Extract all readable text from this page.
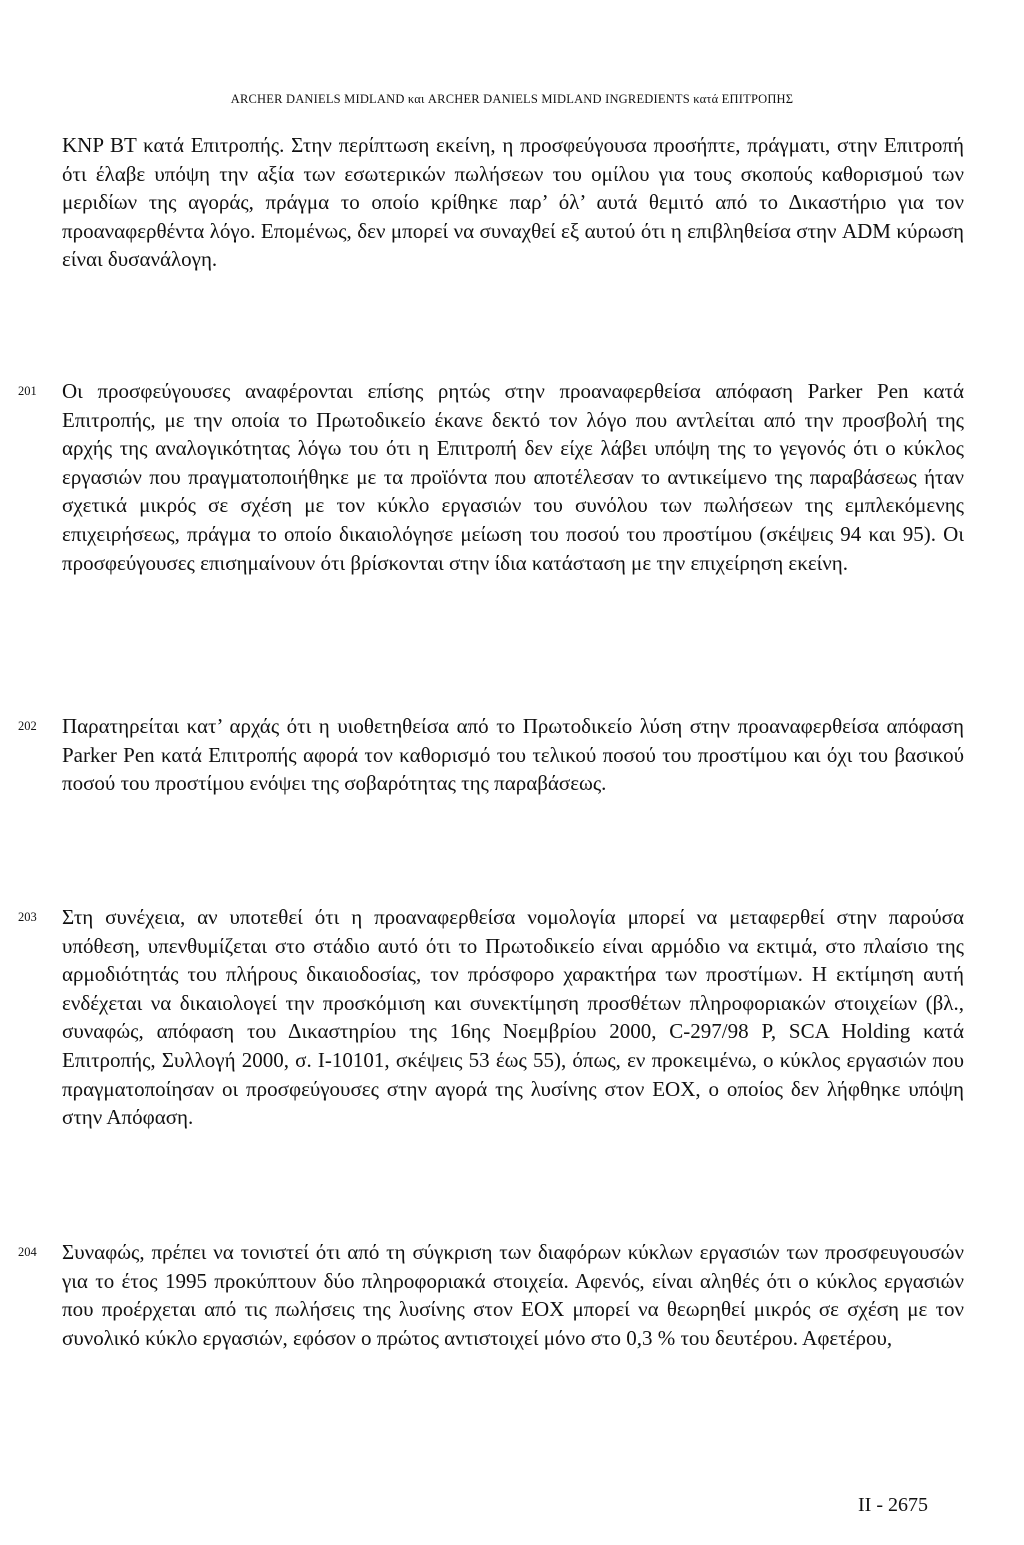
ARCHER DANIELS MIDLAND και ARCHER DANIELS MIDLAND INGREDIENTS κατά ΕΠΙΤΡΟΠΗΣ

KNP BT κατά Επιτροπής. Στην περίπτωση εκείνη, η προσφεύγουσα προσήπτε, πράγματι, στην Επιτροπή ότι έλαβε υπόψη την αξία των εσωτερικών πωλήσεων του ομίλου για τους σκοπούς καθορισμού των μεριδίων της αγοράς, πράγμα το οποίο κρίθηκε παρ’ όλ’ αυτά θεμιτό από το Δικαστήριο για τον προαναφερθέντα λόγο. Επομένως, δεν μπορεί να συναχθεί εξ αυτού ότι η επιβληθείσα στην ADM κύρωση είναι δυσανάλογη.

201 Οι προσφεύγουσες αναφέρονται επίσης ρητώς στην προαναφερθείσα απόφαση Parker Pen κατά Επιτροπής, με την οποία το Πρωτοδικείο έκανε δεκτό τον λόγο που αντλείται από την προσβολή της αρχής της αναλογικότητας λόγω του ότι η Επιτροπή δεν είχε λάβει υπόψη της το γεγονός ότι ο κύκλος εργασιών που πραγματοποιήθηκε με τα προϊόντα που αποτέλεσαν το αντικείμενο της παραβάσεως ήταν σχετικά μικρός σε σχέση με τον κύκλο εργασιών του συνόλου των πωλήσεων της εμπλεκόμενης επιχειρήσεως, πράγμα το οποίο δικαιολόγησε μείωση του ποσού του προστίμου (σκέψεις 94 και 95). Οι προσφεύγουσες επισημαίνουν ότι βρίσκονται στην ίδια κατάσταση με την επιχείρηση εκείνη.

202 Παρατηρείται κατ’ αρχάς ότι η υιοθετηθείσα από το Πρωτοδικείο λύση στην προαναφερθείσα απόφαση Parker Pen κατά Επιτροπής αφορά τον καθορισμό του τελικού ποσού του προστίμου και όχι του βασικού ποσού του προστίμου ενόψει της σοβαρότητας της παραβάσεως.

203 Στη συνέχεια, αν υποτεθεί ότι η προαναφερθείσα νομολογία μπορεί να μεταφερθεί στην παρούσα υπόθεση, υπενθυμίζεται στο στάδιο αυτό ότι το Πρωτοδικείο είναι αρμόδιο να εκτιμά, στο πλαίσιο της αρμοδιότητάς του πλήρους δικαιοδοσίας, τον πρόσφορο χαρακτήρα των προστίμων. Η εκτίμηση αυτή ενδέχεται να δικαιολογεί την προσκόμιση και συνεκτίμηση προσθέτων πληροφοριακών στοιχείων (βλ., συναφώς, απόφαση του Δικαστηρίου της 16ης Νοεμβρίου 2000, C-297/98 P, SCA Holding κατά Επιτροπής, Συλλογή 2000, σ. I-10101, σκέψεις 53 έως 55), όπως, εν προκειμένω, ο κύκλος εργασιών που πραγματοποίησαν οι προσφεύγουσες στην αγορά της λυσίνης στον ΕΟΧ, ο οποίος δεν λήφθηκε υπόψη στην Απόφαση.

204 Συναφώς, πρέπει να τονιστεί ότι από τη σύγκριση των διαφόρων κύκλων εργασιών των προσφευγουσών για το έτος 1995 προκύπτουν δύο πληροφοριακά στοιχεία. Αφενός, είναι αληθές ότι ο κύκλος εργασιών που προέρχεται από τις πωλήσεις της λυσίνης στον ΕΟΧ μπορεί να θεωρηθεί μικρός σε σχέση με τον συνολικό κύκλο εργασιών, εφόσον ο πρώτος αντιστοιχεί μόνο στο 0,3 % του δευτέρου. Αφετέρου,

II - 2675
